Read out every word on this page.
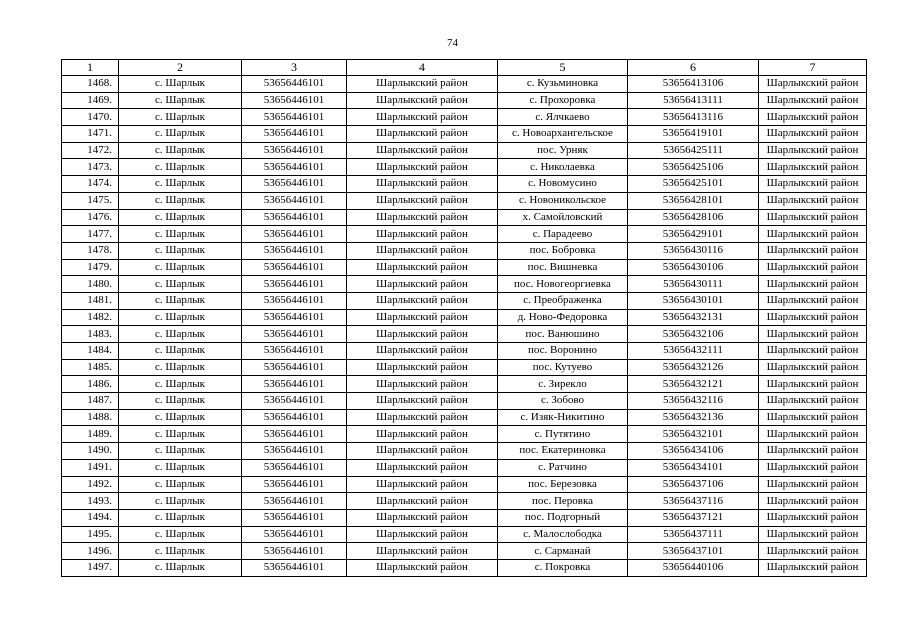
74
1	2	3	4	5	6	7
1468.	с. Шарлык	53656446101	Шарлыкский район	с. Кузьминовка	53656413106	Шарлыкский район
1469.	с. Шарлык	53656446101	Шарлыкский район	с. Прохоровка	53656413111	Шарлыкский район
1470.	с. Шарлык	53656446101	Шарлыкский район	с. Ялчкаево	53656413116	Шарлыкский район
1471.	с. Шарлык	53656446101	Шарлыкский район	с. Новоархангельское	53656419101	Шарлыкский район
1472.	с. Шарлык	53656446101	Шарлыкский район	пос. Урняк	53656425111	Шарлыкский район
1473.	с. Шарлык	53656446101	Шарлыкский район	с. Николаевка	53656425106	Шарлыкский район
1474.	с. Шарлык	53656446101	Шарлыкский район	с. Новомусино	53656425101	Шарлыкский район
1475.	с. Шарлык	53656446101	Шарлыкский район	с. Новоникольское	53656428101	Шарлыкский район
1476.	с. Шарлык	53656446101	Шарлыкский район	х. Самойловский	53656428106	Шарлыкский район
1477.	с. Шарлык	53656446101	Шарлыкский район	с. Парадеево	53656429101	Шарлыкский район
1478.	с. Шарлык	53656446101	Шарлыкский район	пос. Бобровка	53656430116	Шарлыкский район
1479.	с. Шарлык	53656446101	Шарлыкский район	пос. Вишневка	53656430106	Шарлыкский район
1480.	с. Шарлык	53656446101	Шарлыкский район	пос. Новогеоргиевка	53656430111	Шарлыкский район
1481.	с. Шарлык	53656446101	Шарлыкский район	с. Преображенка	53656430101	Шарлыкский район
1482.	с. Шарлык	53656446101	Шарлыкский район	д. Ново-Федоровка	53656432131	Шарлыкский район
1483.	с. Шарлык	53656446101	Шарлыкский район	пос. Ванюшино	53656432106	Шарлыкский район
1484.	с. Шарлык	53656446101	Шарлыкский район	пос. Воронино	53656432111	Шарлыкский район
1485.	с. Шарлык	53656446101	Шарлыкский район	пос. Кутуево	53656432126	Шарлыкский район
1486.	с. Шарлык	53656446101	Шарлыкский район	с. Зирекло	53656432121	Шарлыкский район
1487.	с. Шарлык	53656446101	Шарлыкский район	с. Зобово	53656432116	Шарлыкский район
1488.	с. Шарлык	53656446101	Шарлыкский район	с. Изяк-Никитино	53656432136	Шарлыкский район
1489.	с. Шарлык	53656446101	Шарлыкский район	с. Путятино	53656432101	Шарлыкский район
1490.	с. Шарлык	53656446101	Шарлыкский район	пос. Екатериновка	53656434106	Шарлыкский район
1491.	с. Шарлык	53656446101	Шарлыкский район	с. Ратчино	53656434101	Шарлыкский район
1492.	с. Шарлык	53656446101	Шарлыкский район	пос. Березовка	53656437106	Шарлыкский район
1493.	с. Шарлык	53656446101	Шарлыкский район	пос. Перовка	53656437116	Шарлыкский район
1494.	с. Шарлык	53656446101	Шарлыкский район	пос. Подгорный	53656437121	Шарлыкский район
1495.	с. Шарлык	53656446101	Шарлыкский район	с. Малослободка	53656437111	Шарлыкский район
1496.	с. Шарлык	53656446101	Шарлыкский район	с. Сарманай	53656437101	Шарлыкский район
1497.	с. Шарлык	53656446101	Шарлыкский район	с. Покровка	53656440106	Шарлыкский район
